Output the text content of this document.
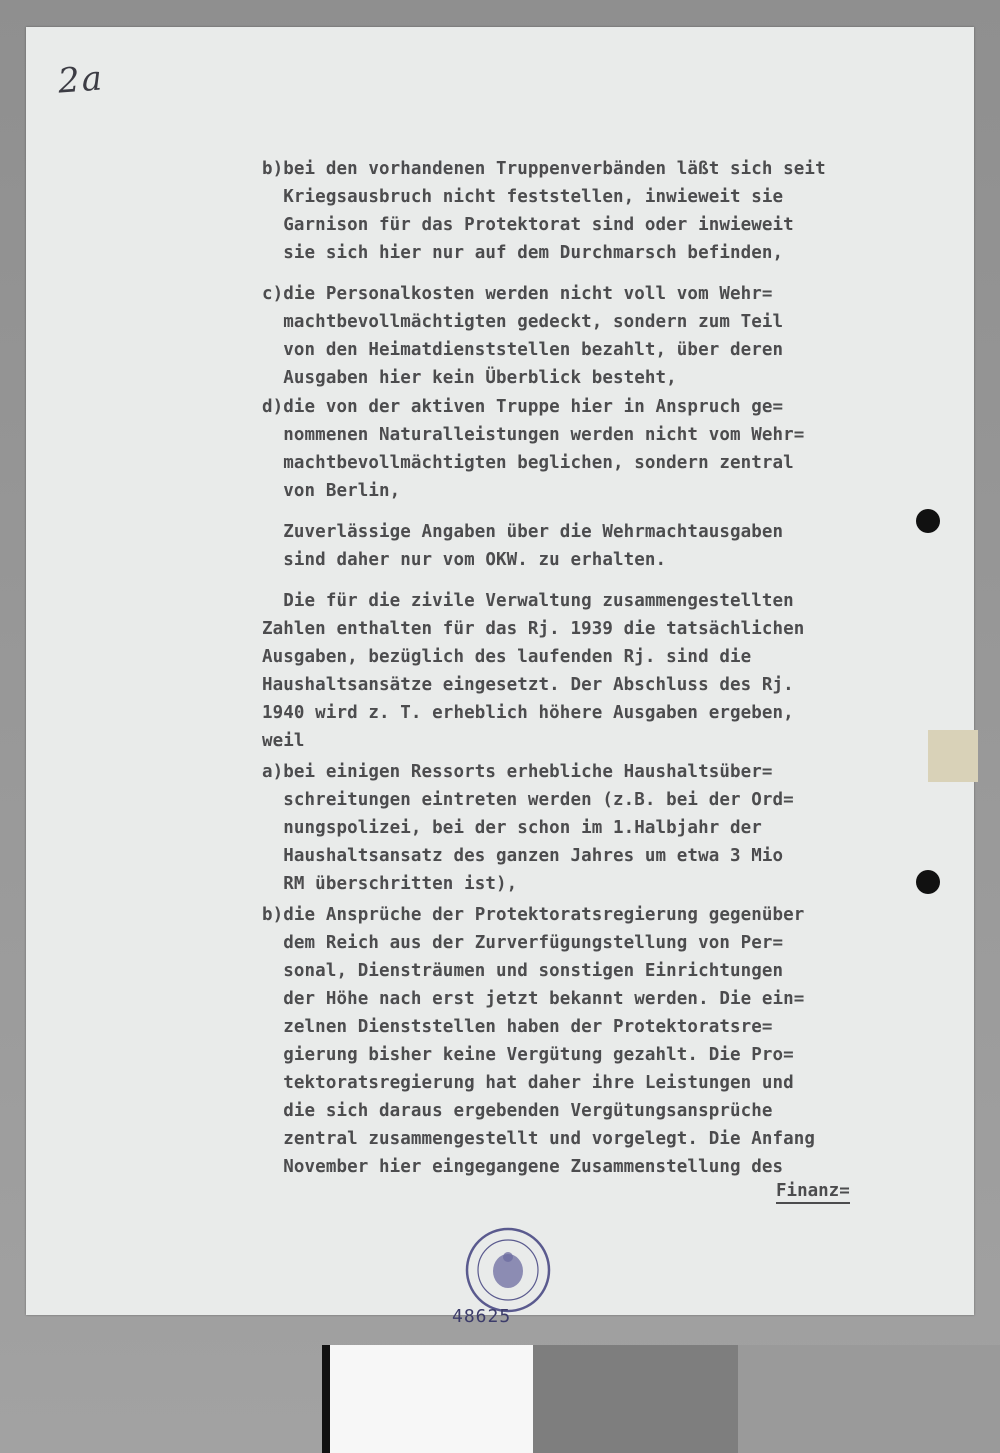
2a
b)bei den vorhandenen Truppenverbänden läßt sich seit
Kriegsausbruch nicht feststellen, inwieweit sie
Garnison für das Protektorat sind oder inwieweit
sie sich hier nur auf dem Durchmarsch befinden,
c)die Personalkosten werden nicht voll vom Wehr=
machtbevollmächtigten gedeckt, sondern zum Teil
von den Heimatdienststellen bezahlt, über deren
Ausgaben hier kein Überblick besteht,
d)die von der aktiven Truppe hier in Anspruch ge=
nommenen Naturalleistungen werden nicht vom Wehr=
machtbevollmächtigten beglichen, sondern zentral
von Berlin,
Zuverlässige Angaben über die Wehrmachtausgaben
sind daher nur vom OKW. zu erhalten.
Die für die zivile Verwaltung zusammengestellten
Zahlen enthalten für das Rj. 1939 die tatsächlichen
Ausgaben, bezüglich des laufenden Rj. sind die
Haushaltsansätze eingesetzt. Der Abschluss des Rj.
1940 wird z. T. erheblich höhere Ausgaben ergeben,
weil
a)bei einigen Ressorts erhebliche Haushaltsüber=
schreitungen eintreten werden (z.B. bei der Ord=
nungspolizei, bei der schon im 1.Halbjahr der
Haushaltsansatz des ganzen Jahres um etwa 3 Mio
RM überschritten ist),
b)die Ansprüche der Protektoratsregierung gegenüber
dem Reich aus der Zurverfügungstellung von Per=
sonal, Diensträumen und sonstigen Einrichtungen
der Höhe nach erst jetzt bekannt werden. Die ein=
zelnen Dienststellen haben der Protektoratsre=
gierung bisher keine Vergütung gezahlt. Die Pro=
tektoratsregierung hat daher ihre Leistungen und
die sich daraus ergebenden Vergütungsansprüche
zentral zusammengestellt und vorgelegt. Die Anfang
November hier eingegangene Zusammenstellung des
Finanz=
48625
